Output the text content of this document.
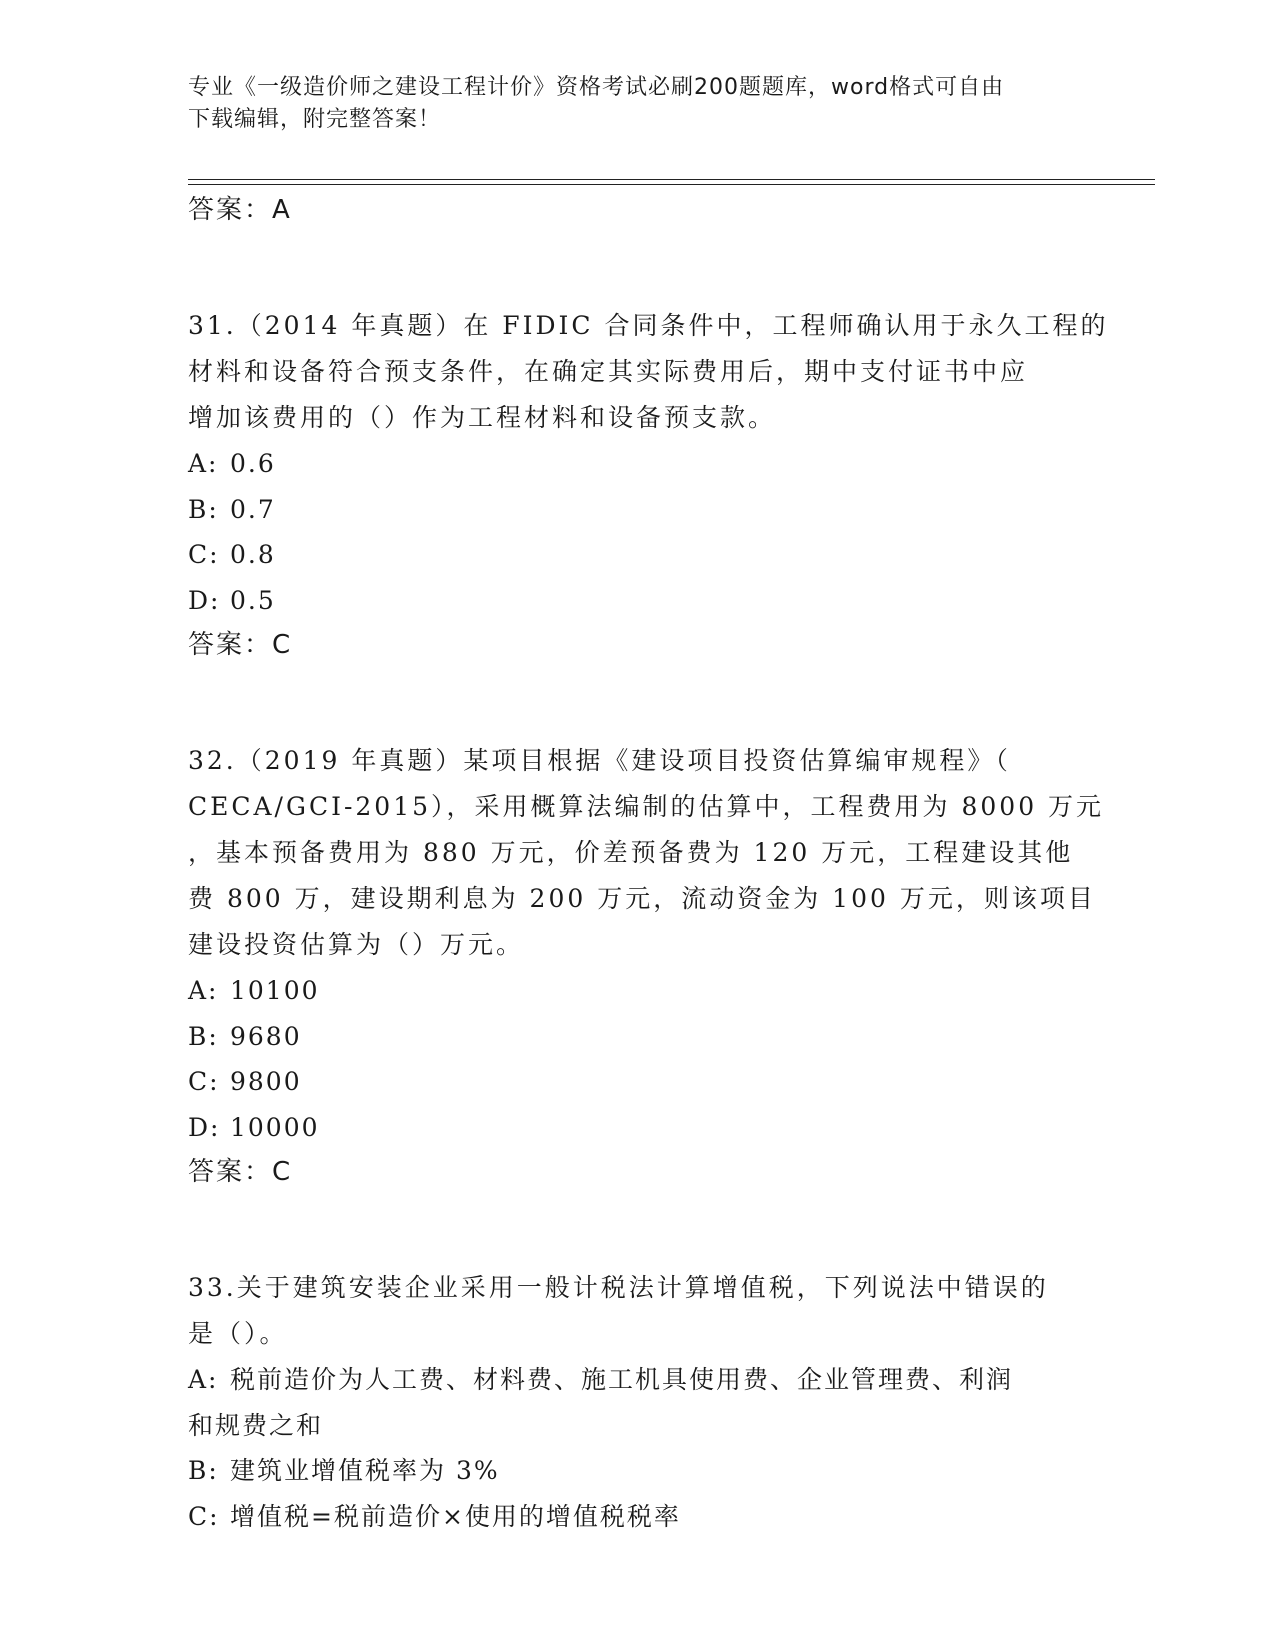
专业《一级造价师之建设工程计价》资格考试必刷200题题库，word格式可自由
下载编辑，附完整答案！
答案：A
31.（2014 年真题）在 FIDIC 合同条件中，工程师确认用于永久工程的
材料和设备符合预支条件，在确定其实际费用后，期中支付证书中应
增加该费用的（）作为工程材料和设备预支款。
A: 0.6
B: 0.7
C: 0.8
D: 0.5
答案：C
32.（2019 年真题）某项目根据《建设项目投资估算编审规程》（
CECA/GCI-2015），采用概算法编制的估算中，工程费用为 8000 万元
，基本预备费用为 880 万元，价差预备费为 120 万元，工程建设其他
费 800 万，建设期利息为 200 万元，流动资金为 100 万元，则该项目
建设投资估算为（）万元。
A: 10100
B: 9680
C: 9800
D: 10000
答案：C
33.关于建筑安装企业采用一般计税法计算增值税，下列说法中错误的
是（）。
A: 税前造价为人工费、材料费、施工机具使用费、企业管理费、利润
和规费之和
B: 建筑业增值税率为 3%
C: 增值税=税前造价×使用的增值税税率
